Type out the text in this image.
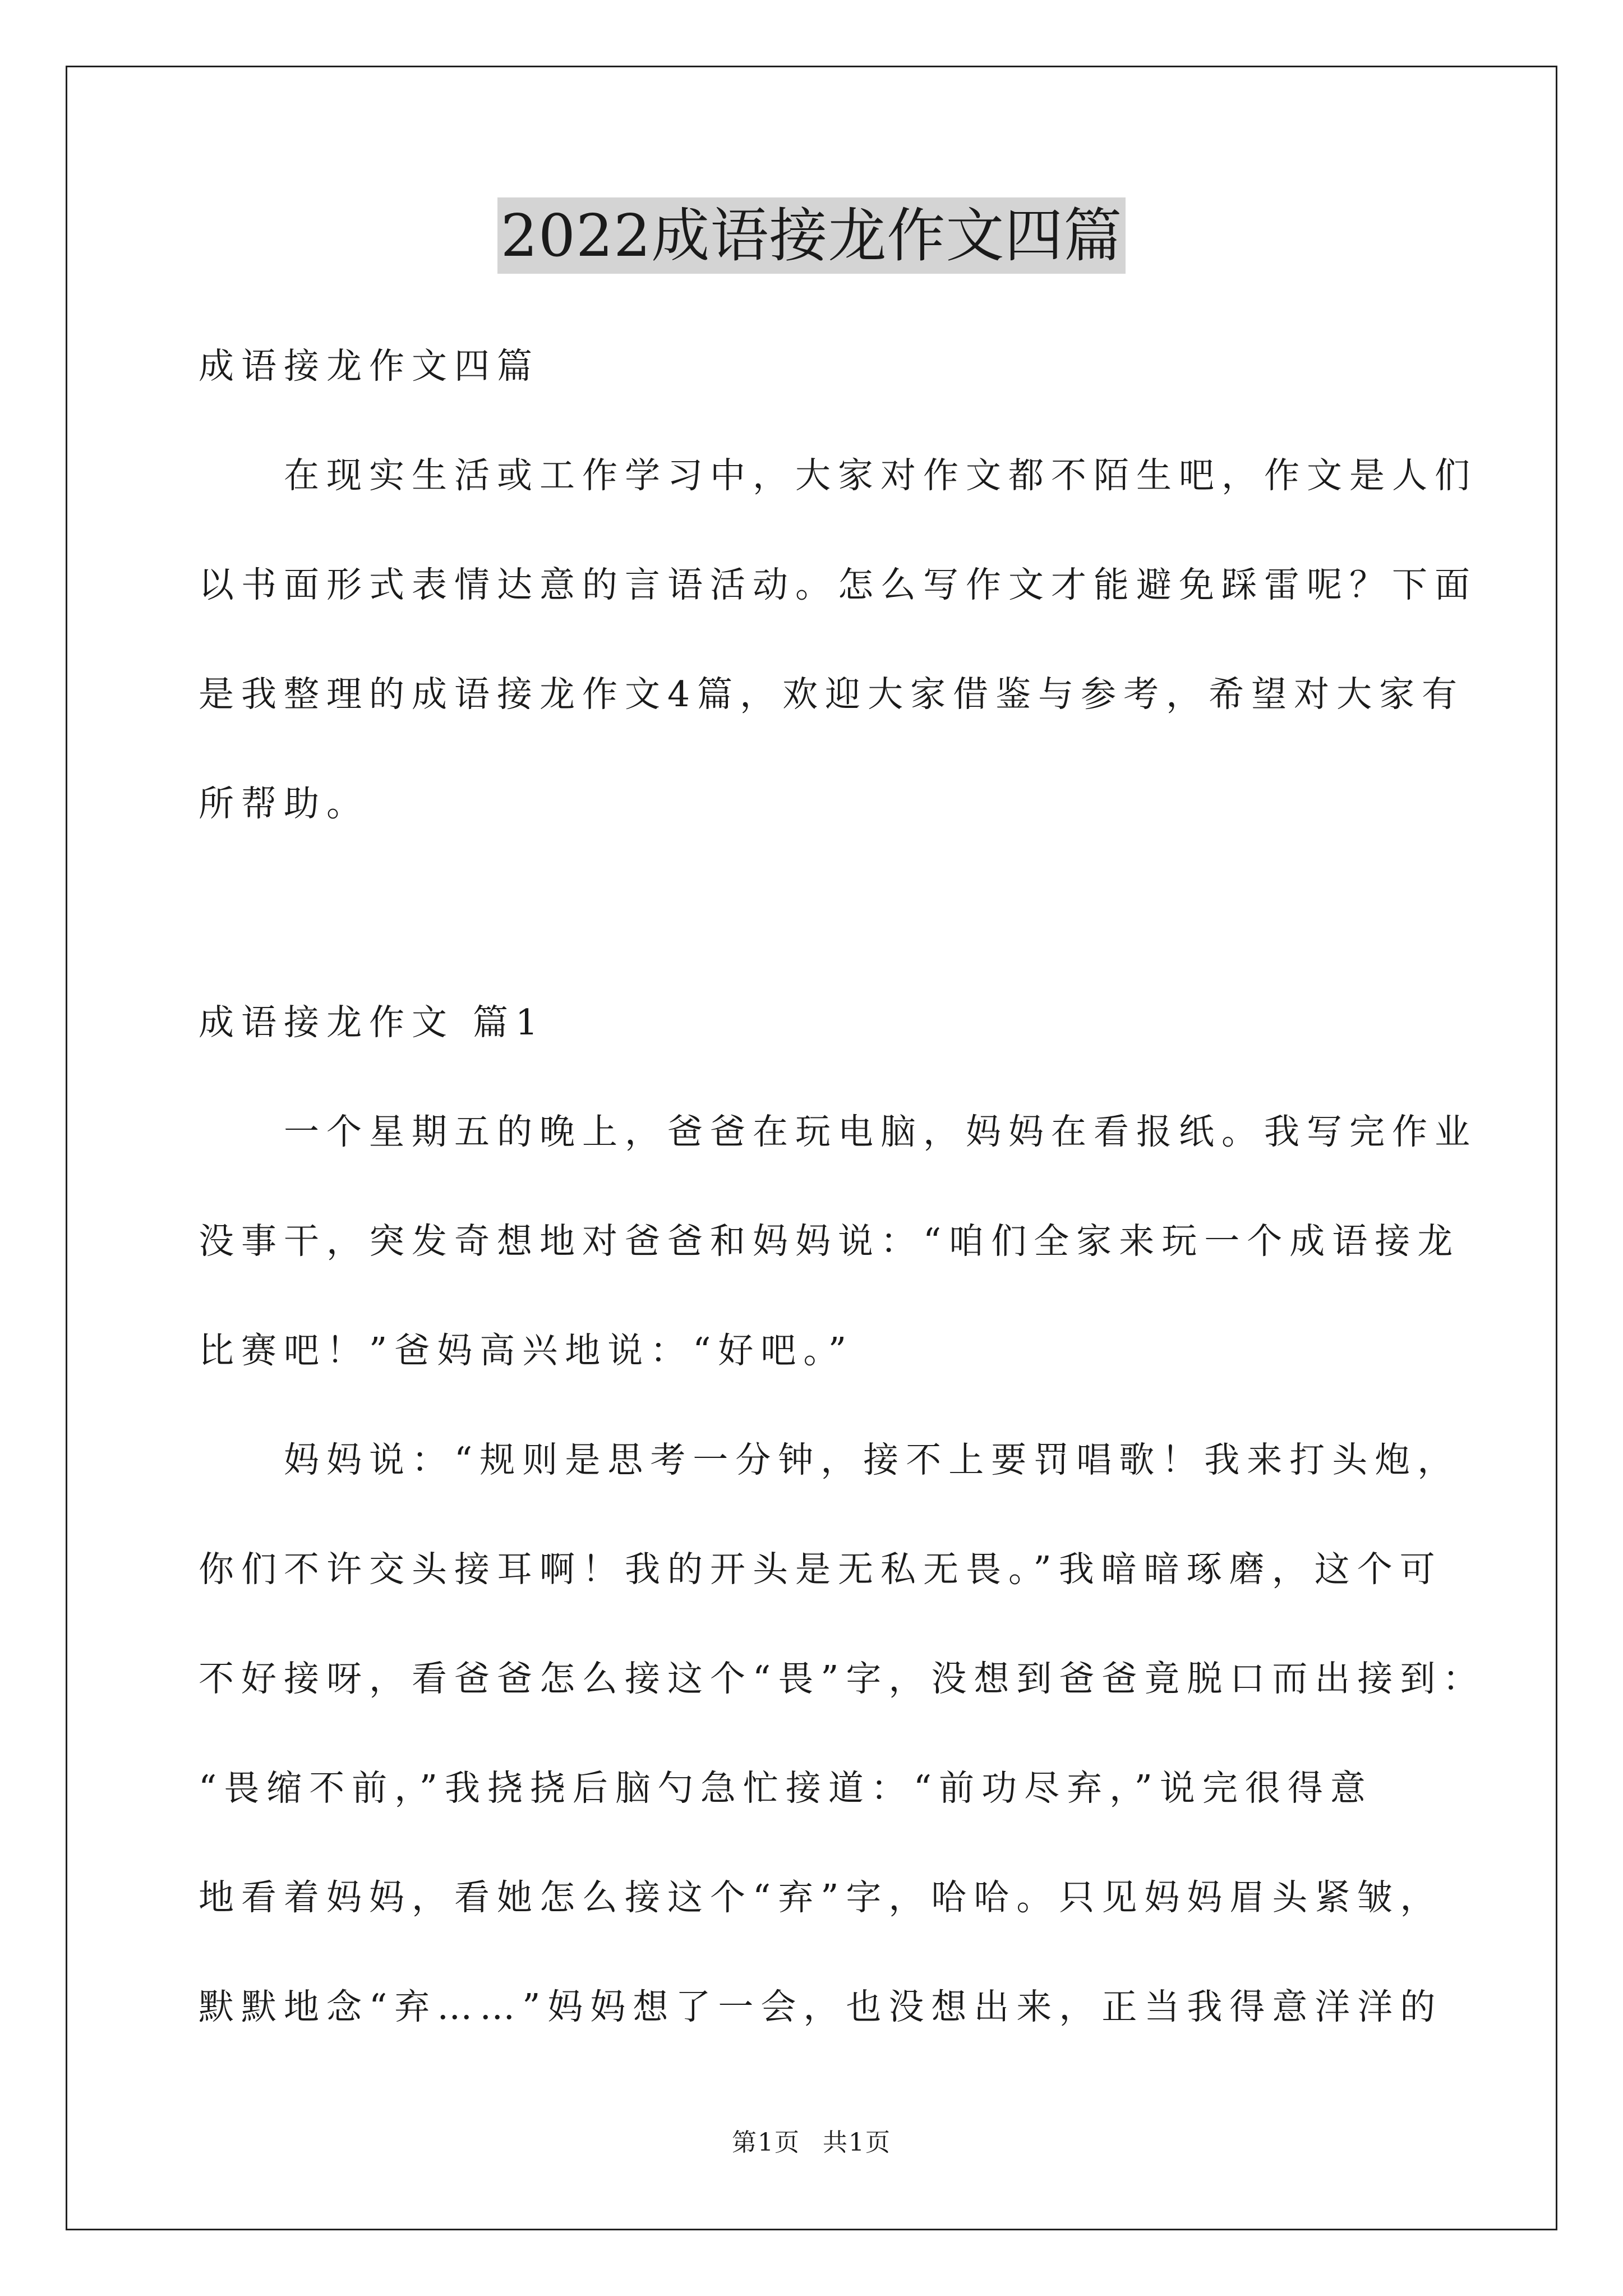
2022成语接龙作文四篇
成语接龙作文四篇
在现实生活或工作学习中，大家对作文都不陌生吧，作文是人们
以书面形式表情达意的言语活动。怎么写作文才能避免踩雷呢？下面
是我整理的成语接龙作文4篇，欢迎大家借鉴与参考，希望对大家有
所帮助。
成语接龙作文 篇1
一个星期五的晚上，爸爸在玩电脑，妈妈在看报纸。我写完作业
没事干，突发奇想地对爸爸和妈妈说：“咱们全家来玩一个成语接龙
比赛吧！”爸妈高兴地说：“好吧。”
妈妈说：“规则是思考一分钟，接不上要罚唱歌！我来打头炮，
你们不许交头接耳啊！我的开头是无私无畏。”我暗暗琢磨，这个可
不好接呀，看爸爸怎么接这个“畏”字，没想到爸爸竟脱口而出接到：
“畏缩不前，”我挠挠后脑勺急忙接道：“前功尽弃，”说完很得意
地看着妈妈，看她怎么接这个“弃”字，哈哈。只见妈妈眉头紧皱，
默默地念“弃……”妈妈想了一会，也没想出来，正当我得意洋洋的
第1页 共1页
